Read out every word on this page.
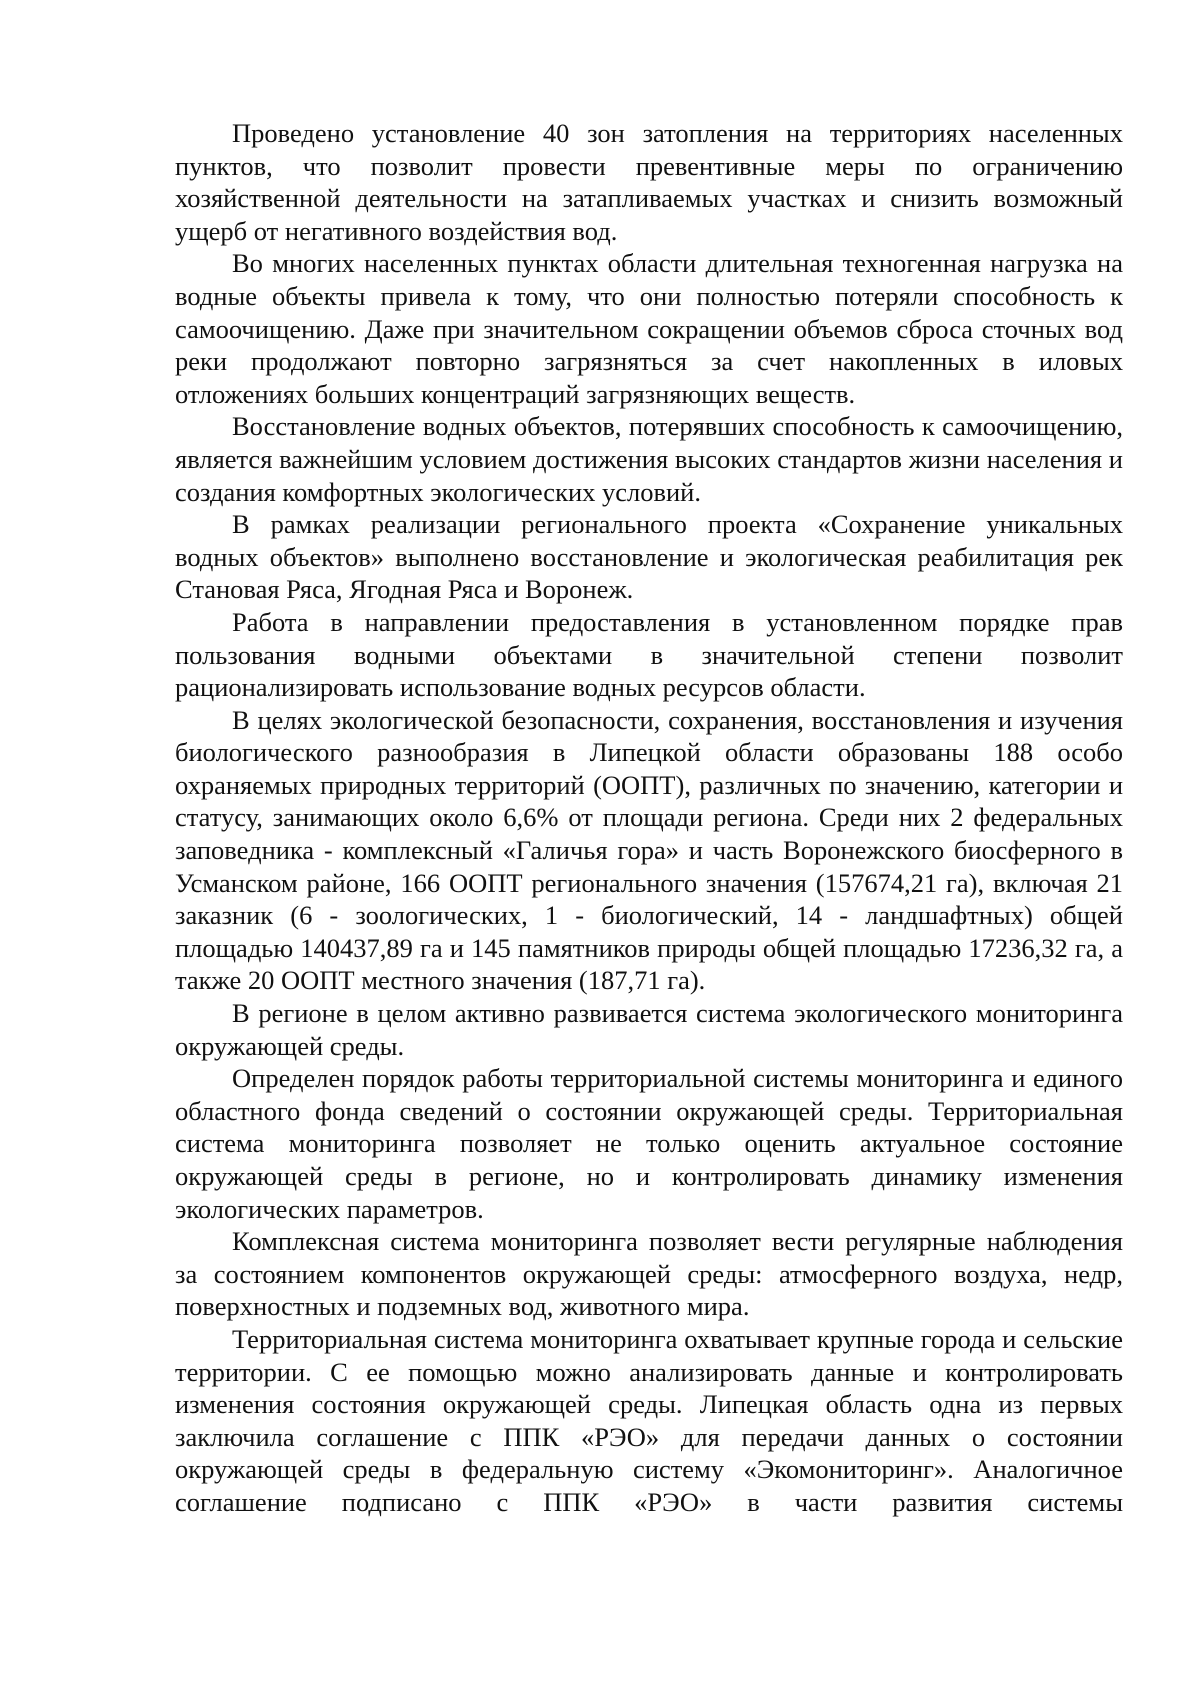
Проведено установление 40 зон затопления на территориях населенных пунктов, что позволит провести превентивные меры по ограничению хозяйственной деятельности на затапливаемых участках и снизить возможный ущерб от негативного воздействия вод.

Во многих населенных пунктах области длительная техногенная нагрузка на водные объекты привела к тому, что они полностью потеряли способность к самоочищению. Даже при значительном сокращении объемов сброса сточных вод реки продолжают повторно загрязняться за счет накопленных в иловых отложениях больших концентраций загрязняющих веществ.

Восстановление водных объектов, потерявших способность к самоочищению, является важнейшим условием достижения высоких стандартов жизни населения и создания комфортных экологических условий.

В рамках реализации регионального проекта «Сохранение уникальных водных объектов» выполнено восстановление и экологическая реабилитация рек Становая Ряса, Ягодная Ряса и Воронеж.

Работа в направлении предоставления в установленном порядке прав пользования водными объектами в значительной степени позволит рационализировать использование водных ресурсов области.

В целях экологической безопасности, сохранения, восстановления и изучения биологического разнообразия в Липецкой области образованы 188 особо охраняемых природных территорий (ООПТ), различных по значению, категории и статусу, занимающих около 6,6% от площади региона. Среди них 2 федеральных заповедника - комплексный «Галичья гора» и часть Воронежского биосферного в Усманском районе, 166 ООПТ регионального значения (157674,21 га), включая 21 заказник (6 - зоологических, 1 - биологический, 14 - ландшафтных) общей площадью 140437,89 га и 145 памятников природы общей площадью 17236,32 га, а также 20 ООПТ местного значения (187,71 га).

В регионе в целом активно развивается система экологического мониторинга окружающей среды.

Определен порядок работы территориальной системы мониторинга и единого областного фонда сведений о состоянии окружающей среды. Территориальная система мониторинга позволяет не только оценить актуальное состояние окружающей среды в регионе, но и контролировать динамику изменения экологических параметров.

Комплексная система мониторинга позволяет вести регулярные наблюдения за состоянием компонентов окружающей среды: атмосферного воздуха, недр, поверхностных и подземных вод, животного мира.

Территориальная система мониторинга охватывает крупные города и сельские территории. С ее помощью можно анализировать данные и контролировать изменения состояния окружающей среды. Липецкая область одна из первых заключила соглашение с ППК «РЭО» для передачи данных о состоянии окружающей среды в федеральную систему «Экомониторинг». Аналогичное соглашение подписано с ППК «РЭО» в части развития системы
